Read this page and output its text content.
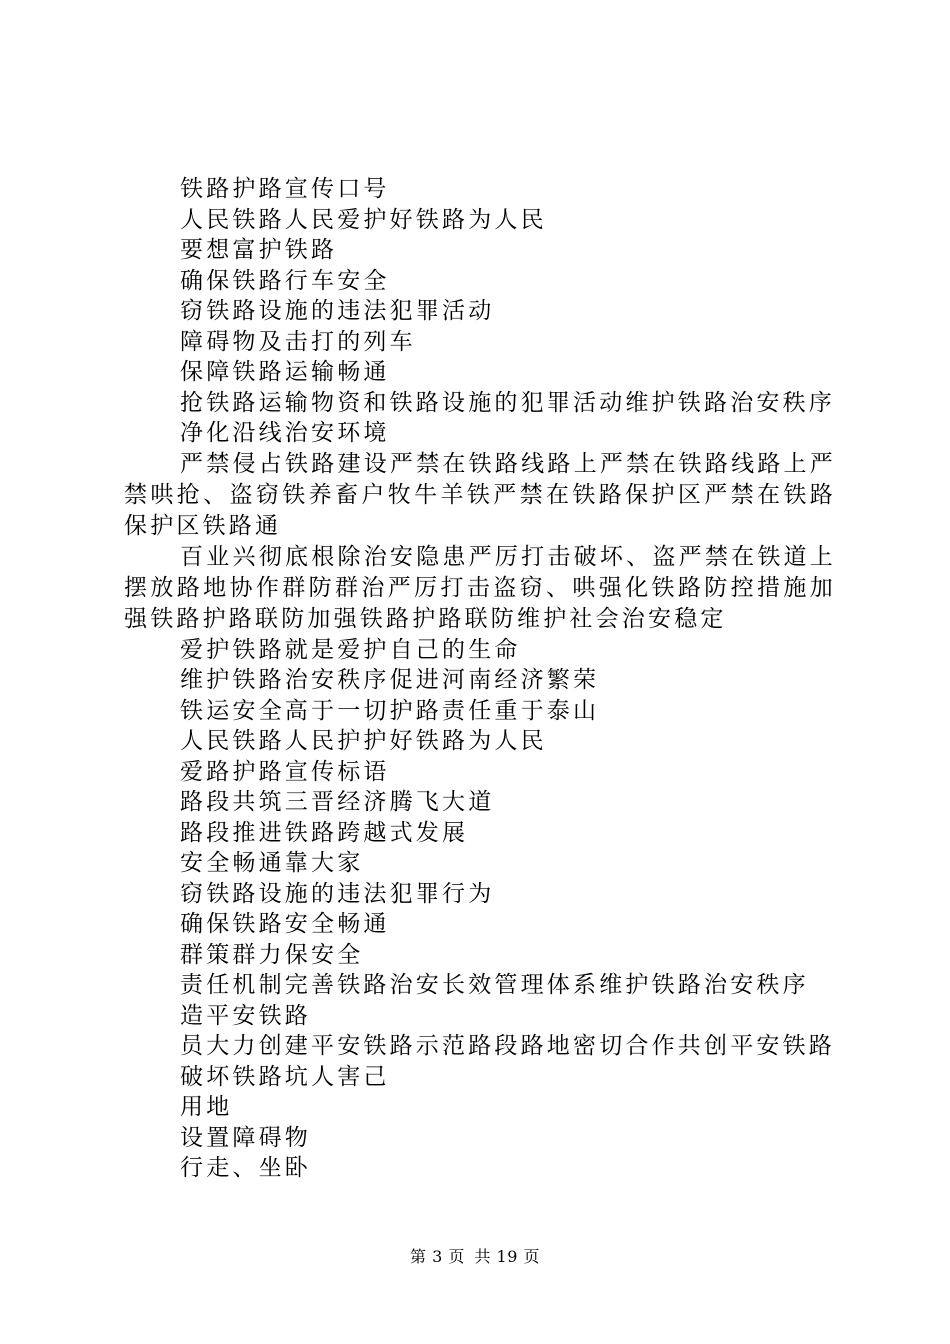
铁路护路宣传口号
人民铁路人民爱护好铁路为人民
要想富护铁路
确保铁路行车安全
窃铁路设施的违法犯罪活动
障碍物及击打的列车
保障铁路运输畅通
抢铁路运输物资和铁路设施的犯罪活动维护铁路治安秩序
净化沿线治安环境
严禁侵占铁路建设严禁在铁路线路上严禁在铁路线路上严禁哄抢、盗窃铁养畜户牧牛羊铁严禁在铁路保护区严禁在铁路保护区铁路通
百业兴彻底根除治安隐患严厉打击破坏、盗严禁在铁道上摆放路地协作群防群治严厉打击盗窃、哄强化铁路防控措施加强铁路护路联防加强铁路护路联防维护社会治安稳定
爱护铁路就是爱护自己的生命
维护铁路治安秩序促进河南经济繁荣
铁运安全高于一切护路责任重于泰山
人民铁路人民护护好铁路为人民
爱路护路宣传标语
路段共筑三晋经济腾飞大道
路段推进铁路跨越式发展
安全畅通靠大家
窃铁路设施的违法犯罪行为
确保铁路安全畅通
群策群力保安全
责任机制完善铁路治安长效管理体系维护铁路治安秩序
造平安铁路
员大力创建平安铁路示范路段路地密切合作共创平安铁路
破坏铁路坑人害己
用地
设置障碍物
行走、坐卧
第 3 页 共 19 页
